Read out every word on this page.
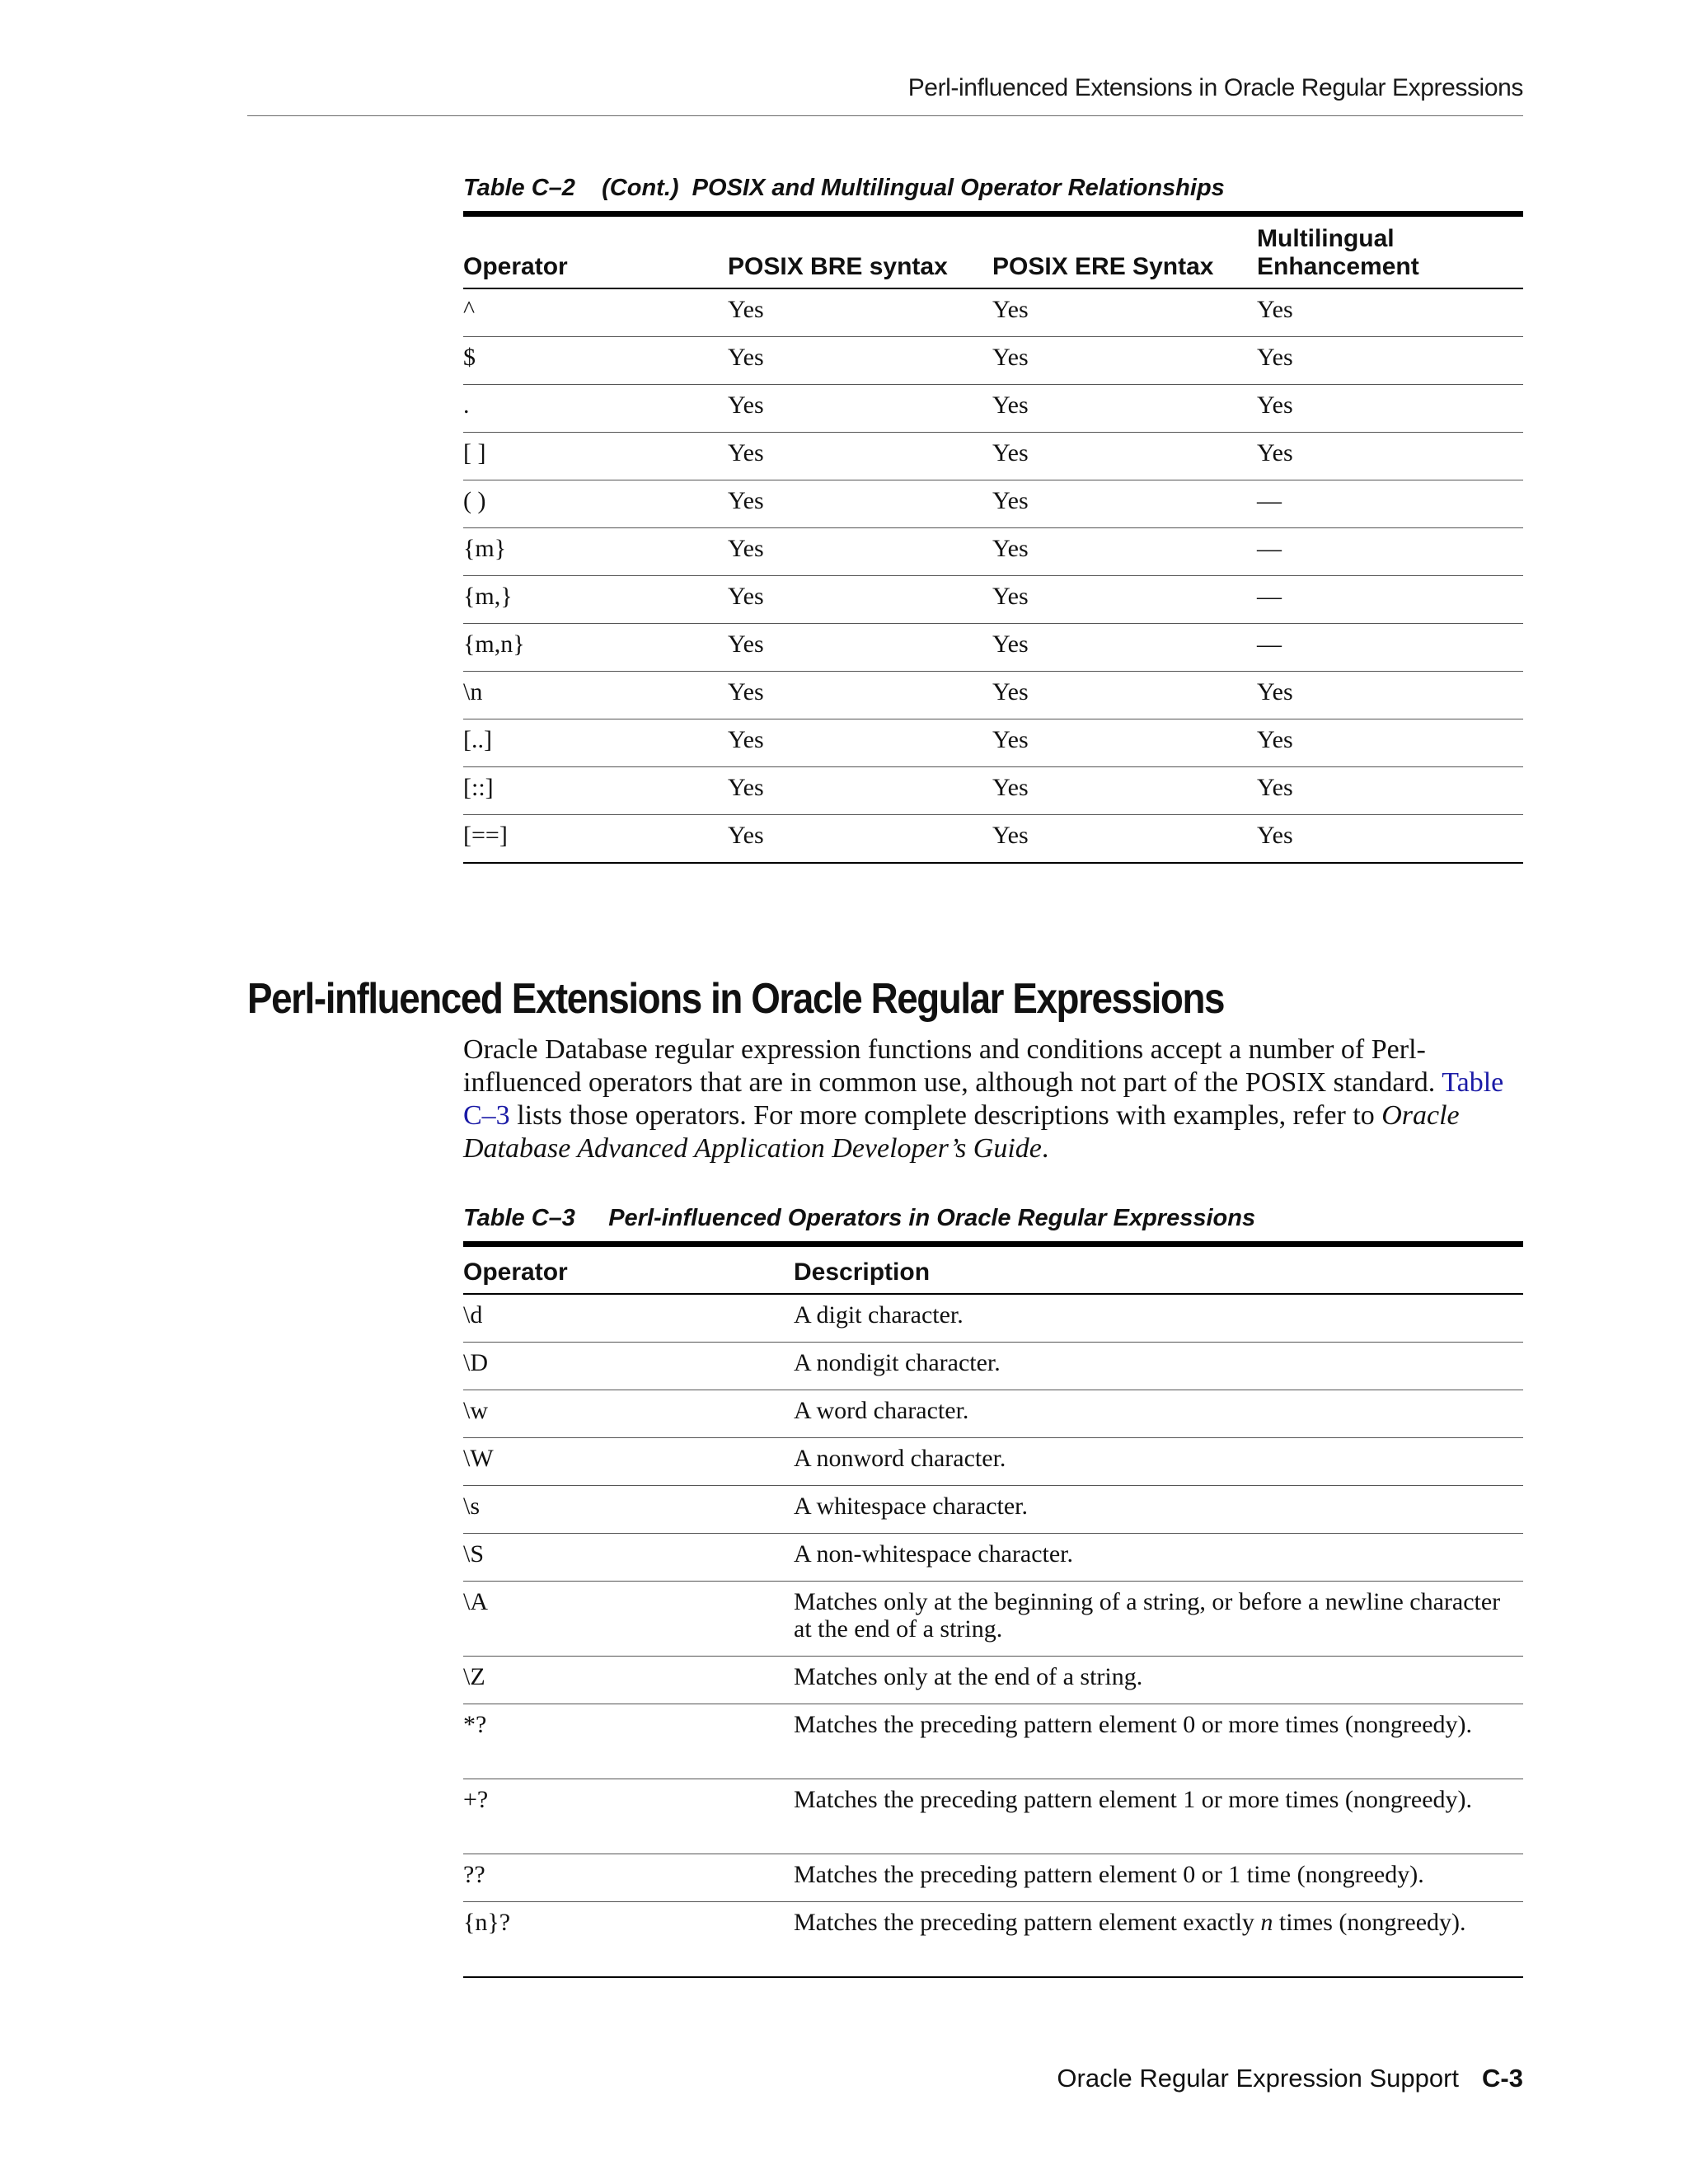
Perl-influenced Extensions in Oracle Regular Expressions
Table C–2    (Cont.)  POSIX and Multilingual Operator Relationships
Operator	POSIX BRE syntax	POSIX ERE Syntax	Multilingual
Enhancement
^	Yes	Yes	Yes
$	Yes	Yes	Yes
.	Yes	Yes	Yes
[ ]	Yes	Yes	Yes
( )	Yes	Yes	—
{m}	Yes	Yes	—
{m,}	Yes	Yes	—
{m,n}	Yes	Yes	—
\n	Yes	Yes	Yes
[..]	Yes	Yes	Yes
[::]	Yes	Yes	Yes
[==]	Yes	Yes	Yes
Perl-influenced Extensions in Oracle Regular Expressions
Oracle Database regular expression functions and conditions accept a number of Perl-influenced operators that are in common use, although not part of the POSIX standard. Table C–3 lists those operators. For more complete descriptions with examples, refer to Oracle Database Advanced Application Developer’s Guide.
Table C–3     Perl-influenced Operators in Oracle Regular Expressions
Operator	Description
\d	A digit character.
\D	A nondigit character.
\w	A word character.
\W	A nonword character.
\s	A whitespace character.
\S	A non-whitespace character.
\A	Matches only at the beginning of a string, or before a newline character at the end of a string.
\Z	Matches only at the end of a string.
*?	Matches the preceding pattern element 0 or more times (nongreedy).
+?	Matches the preceding pattern element 1 or more times (nongreedy).
??	Matches the preceding pattern element 0 or 1 time (nongreedy).
{n}?	Matches the preceding pattern element exactly n times (nongreedy).
Oracle Regular Expression Support C-3
